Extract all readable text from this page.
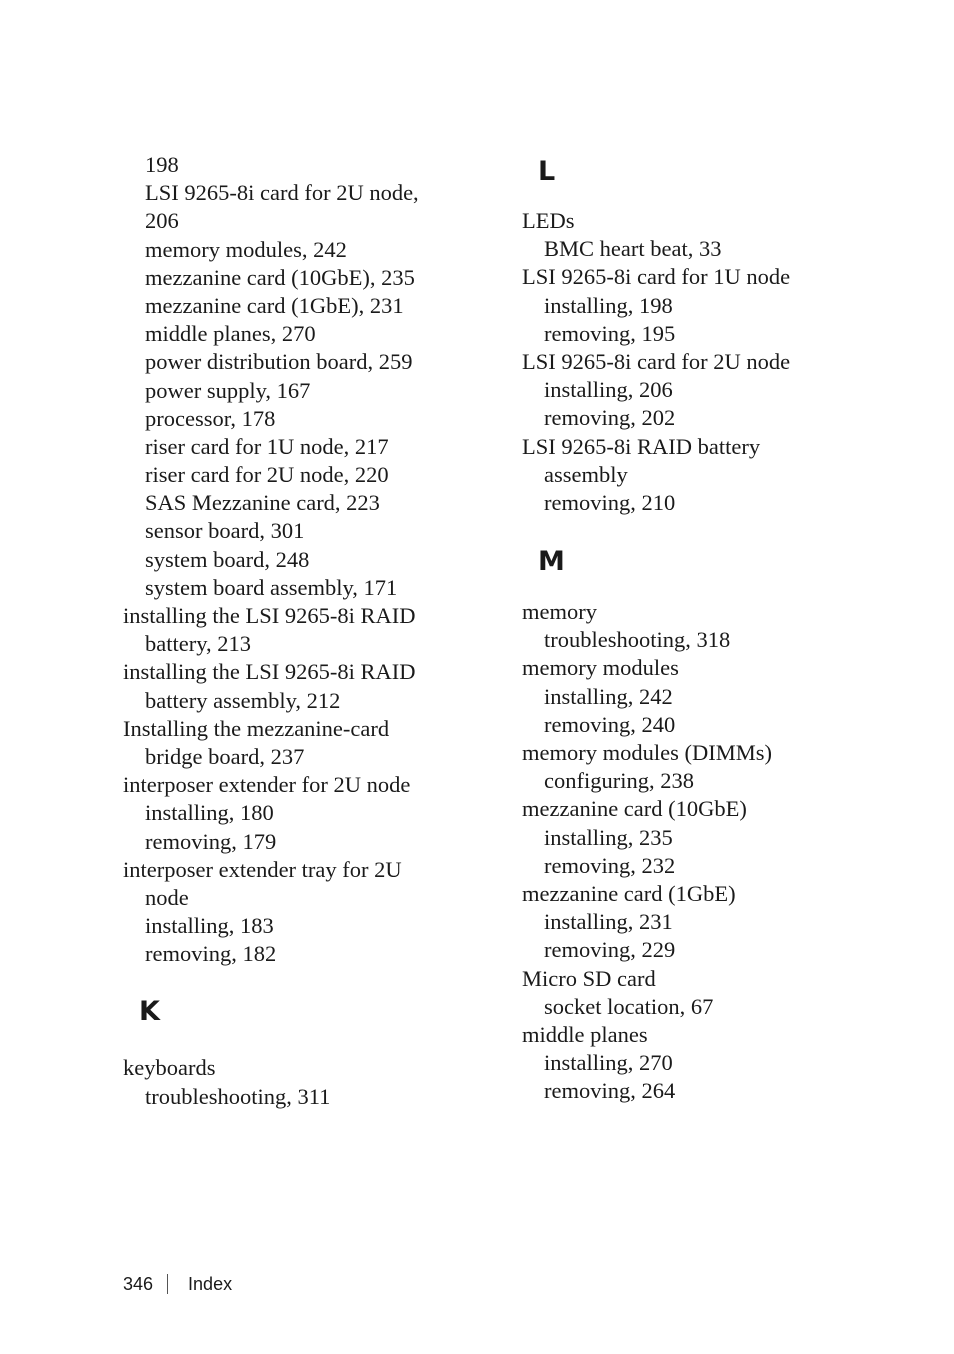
198
LSI 9265-8i card for 2U node,
206
memory modules, 242
mezzanine card (10GbE), 235
mezzanine card (1GbE), 231
middle planes, 270
power distribution board, 259
power supply, 167
processor, 178
riser card for 1U node, 217
riser card for 2U node, 220
SAS Mezzanine card, 223
sensor board, 301
system board, 248
system board assembly, 171
installing the LSI 9265-8i RAID
battery, 213
installing the LSI 9265-8i RAID
battery assembly, 212
Installing the mezzanine-card
bridge board, 237
interposer extender for 2U node
installing, 180
removing, 179
interposer extender tray for 2U
node
installing, 183
removing, 182
K
keyboards
troubleshooting, 311
L
LEDs
BMC heart beat, 33
LSI 9265-8i card for 1U node
installing, 198
removing, 195
LSI 9265-8i card for 2U node
installing, 206
removing, 202
LSI 9265-8i RAID battery
assembly
removing, 210
M
memory
troubleshooting, 318
memory modules
installing, 242
removing, 240
memory modules (DIMMs)
configuring, 238
mezzanine card (10GbE)
installing, 235
removing, 232
mezzanine card (1GbE)
installing, 231
removing, 229
Micro SD card
socket location, 67
middle planes
installing, 270
removing, 264
346 Index
